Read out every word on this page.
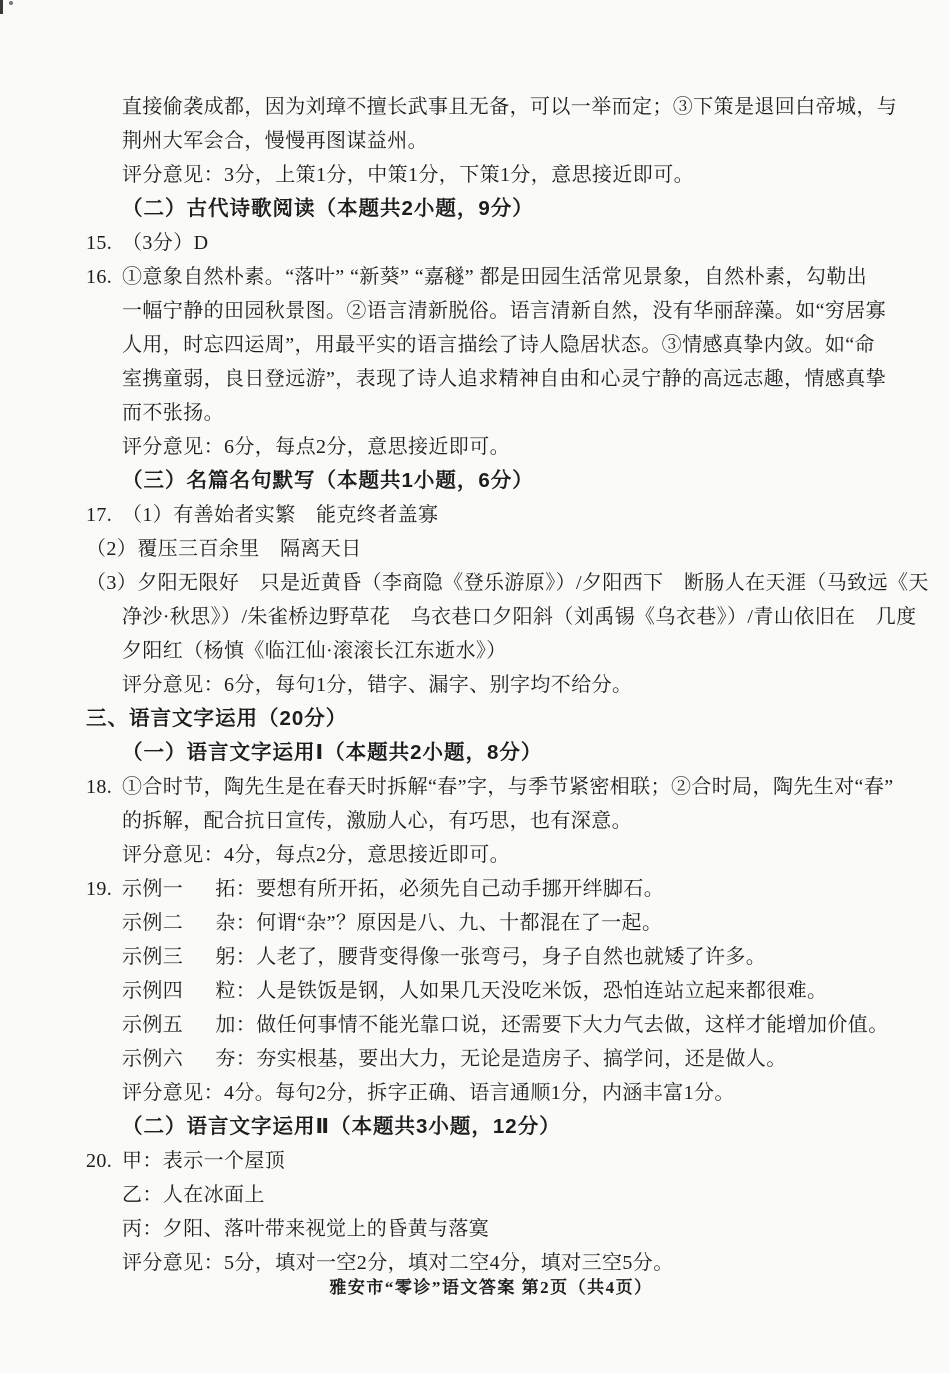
直接偷袭成都，因为刘璋不擅长武事且无备，可以一举而定；③下策是退回白帝城，与
荆州大军会合，慢慢再图谋益州。
评分意见：3分，上策1分，中策1分，下策1分，意思接近即可。
（二）古代诗歌阅读（本题共2小题，9分）
15. （3分）D
16. ①意象自然朴素。“落叶” “新葵” “嘉穟” 都是田园生活常见景象，自然朴素，勾勒出
一幅宁静的田园秋景图。②语言清新脱俗。语言清新自然，没有华丽辞藻。如“穷居寡
人用，时忘四运周”，用最平实的语言描绘了诗人隐居状态。③情感真挚内敛。如“命
室携童弱，良日登远游”，表现了诗人追求精神自由和心灵宁静的高远志趣，情感真挚
而不张扬。
评分意见：6分，每点2分，意思接近即可。
（三）名篇名句默写（本题共1小题，6分）
17. （1）有善始者实繁　能克终者盖寡
（2）覆压三百余里　隔离天日
（3）夕阳无限好　只是近黄昏（李商隐《登乐游原》）/夕阳西下　断肠人在天涯（马致远《天
净沙·秋思》）/朱雀桥边野草花　乌衣巷口夕阳斜（刘禹锡《乌衣巷》）/青山依旧在　几度
夕阳红（杨慎《临江仙·滚滚长江东逝水》）
评分意见：6分，每句1分，错字、漏字、别字均不给分。
三、语言文字运用（20分）
（一）语言文字运用Ⅰ（本题共2小题，8分）
18. ①合时节，陶先生是在春天时拆解“春”字，与季节紧密相联；②合时局，陶先生对“春”
的拆解，配合抗日宣传，激励人心，有巧思，也有深意。
评分意见：4分，每点2分，意思接近即可。
19. 示例一 拓：要想有所开拓，必须先自己动手挪开绊脚石。
示例二 杂：何谓“杂”？原因是八、九、十都混在了一起。
示例三 躬：人老了，腰背变得像一张弯弓，身子自然也就矮了许多。
示例四 粒：人是铁饭是钢，人如果几天没吃米饭，恐怕连站立起来都很难。
示例五 加：做任何事情不能光靠口说，还需要下大力气去做，这样才能增加价值。
示例六 夯：夯实根基，要出大力，无论是造房子、搞学问，还是做人。
评分意见：4分。每句2分，拆字正确、语言通顺1分，内涵丰富1分。
（二）语言文字运用Ⅱ（本题共3小题，12分）
20. 甲：表示一个屋顶
乙：人在冰面上
丙：夕阳、落叶带来视觉上的昏黄与落寞
评分意见：5分，填对一空2分，填对二空4分，填对三空5分。
雅安市“零诊”语文答案 第2页（共4页）
